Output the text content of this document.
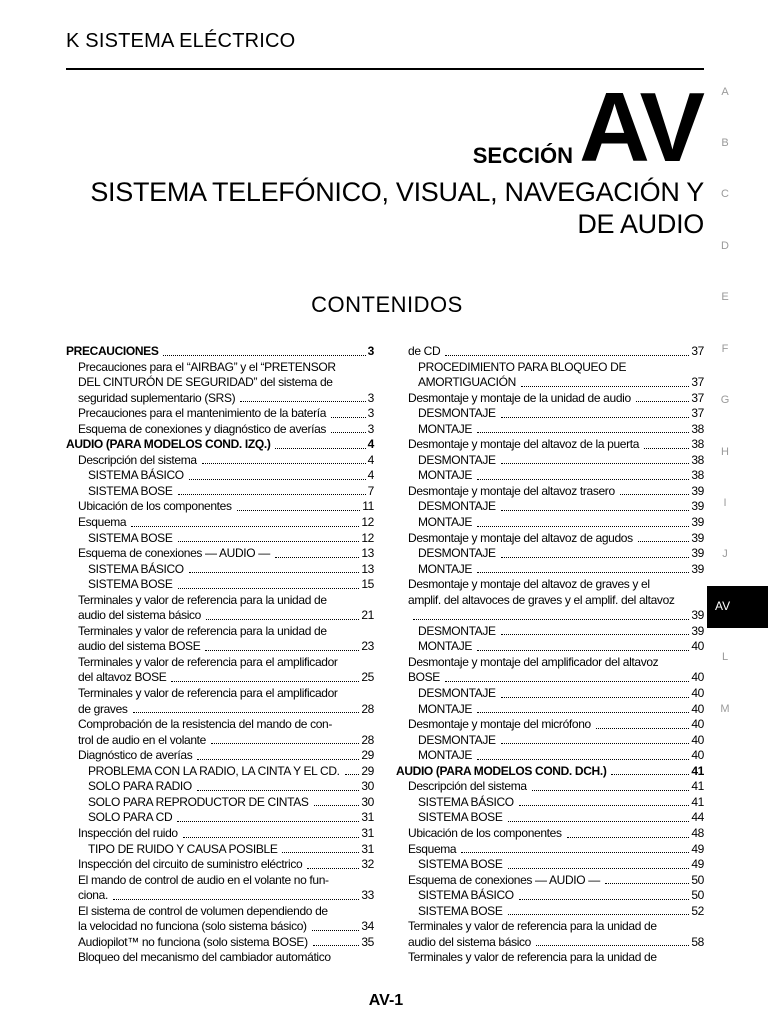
K SISTEMA ELÉCTRICO
SECCIÓN AV
SISTEMA TELEFÓNICO, VISUAL, NAVEGACIÓN Y
DE AUDIO
CONTENIDOS
PRECAUCIONES	3
Precauciones para el “AIRBAG” y el “PRETENSOR
DEL CINTURÓN DE SEGURIDAD” del sistema de
seguridad suplementario (SRS)	3
Precauciones para el mantenimiento de la batería	3
Esquema de conexiones y diagnóstico de averías	3
AUDIO (PARA MODELOS COND. IZQ.)	4
Descripción del sistema	4
SISTEMA BÁSICO	4
SISTEMA BOSE	7
Ubicación de los componentes	11
Esquema	12
SISTEMA BOSE	12
Esquema de conexiones — AUDIO —	13
SISTEMA BÁSICO	13
SISTEMA BOSE	15
Terminales y valor de referencia para la unidad de
audio del sistema básico	21
Terminales y valor de referencia para la unidad de
audio del sistema BOSE	23
Terminales y valor de referencia para el amplificador
del altavoz BOSE	25
Terminales y valor de referencia para el amplificador
de graves	28
Comprobación de la resistencia del mando de con-
trol de audio en el volante	28
Diagnóstico de averías	29
PROBLEMA CON LA RADIO, LA CINTA Y EL CD. 29
SOLO PARA RADIO	30
SOLO PARA REPRODUCTOR DE CINTAS	30
SOLO PARA CD	31
Inspección del ruido	31
TIPO DE RUIDO Y CAUSA POSIBLE	31
Inspección del circuito de suministro eléctrico	32
El mando de control de audio en el volante no fun-
ciona.	33
El sistema de control de volumen dependiendo de
la velocidad no funciona (solo sistema básico)	34
Audiopilot™ no funciona (solo sistema BOSE)	35
Bloqueo del mecanismo del cambiador automático
de CD	37
PROCEDIMIENTO PARA BLOQUEO DE
AMORTIGUACIÓN	37
Desmontaje y montaje de la unidad de audio	37
DESMONTAJE	37
MONTAJE	38
Desmontaje y montaje del altavoz de la puerta	38
DESMONTAJE	38
MONTAJE	38
Desmontaje y montaje del altavoz trasero	39
DESMONTAJE	39
MONTAJE	39
Desmontaje y montaje del altavoz de agudos	39
DESMONTAJE	39
MONTAJE	39
Desmontaje y montaje del altavoz de graves y el
amplif. del altavoces de graves y el amplif. del altavoz
39
DESMONTAJE	39
MONTAJE	40
Desmontaje y montaje del amplificador del altavoz
BOSE	40
DESMONTAJE	40
MONTAJE	40
Desmontaje y montaje del micrófono	40
DESMONTAJE	40
MONTAJE	40
AUDIO (PARA MODELOS COND. DCH.)	41
Descripción del sistema	41
SISTEMA BÁSICO	41
SISTEMA BOSE	44
Ubicación de los componentes	48
Esquema	49
SISTEMA BOSE	49
Esquema de conexiones — AUDIO —	50
SISTEMA BÁSICO	50
SISTEMA BOSE	52
Terminales y valor de referencia para la unidad de
audio del sistema básico	58
Terminales y valor de referencia para la unidad de
A
B
C
D
E
F
G
H
I
J
L
M
AV
AV-1
